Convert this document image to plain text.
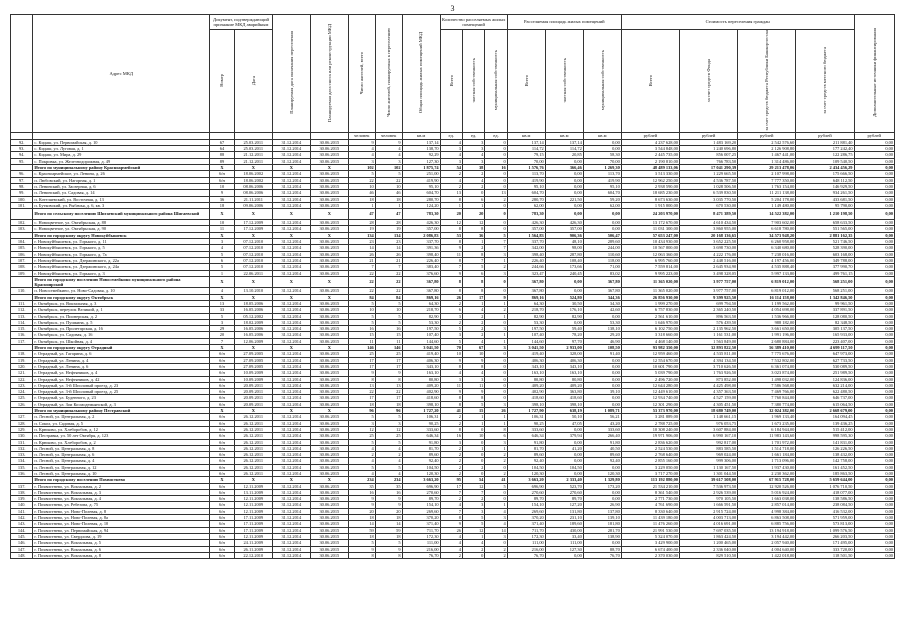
3
	Адрес МКД	Документ, подтверждающий признание МКД аварийным		Планируемая дата окончания переселения	Планируемая дата сноса или реконструкции МКД	Число жителей, всего	Число жителей, планируемых к переселению	Общая площадь жилых помещений МКД	Количество расселяемых жилых помещений			Расселяемая площадь жилых помещений			Стоимость переселения граждан				Дополнительные источники финансирования
		Номер	Дата						Всего	частная собственность	муниципальная собственность	Всего	частная собственность	муниципальная собственность	Всего	за счет средств Фонда	за счет средств бюджета Республики Башкортостан	за счет средств местного бюджета	
						человек	человек	кв.м	ед.	ед.	ед.	кв.м	кв.м	кв.м	рублей	рублей	рублей	рублей	рублей
92.	с. Кидаш, ул. Первомайская, д. 10	67	25.03.2011	31.12.2014	30.06.2015	9	9	137,14	4	3	0	137,14	137,14	0,00	4 237 628,00	1 483 169,20	2 542 576,60	211 881,40	0,00
93.	с. Кидаш, ул. Луговая, д. 1	64	25.03.2011	31.12.2014	30.06.2015	4	4	138,70	3	3	0	114,72	114,72	0,00	3 544 848,00	1 240 696,80	2 126 908,80	177 242,40	0,00
94.	с. Кидаш, ул. Мира, д. 29	88	21.12.2011	31.12.2014	30.06.2015	4	4	92,29	4	4	0	79,15	20,85	58,30	2 445 735,00	856 007,25	1 467 441,00	122 286,75	0,00
95.	с. Покровка, ул. Железнодорожная, д. 49	89	21.12.2011	31.12.2014	30.06.2015	3	3	127,30	3	3	0	70,00	0,00	70,00	2 190 810,00	766 783,50	1 314 486,00	109 540,50	0,00
	Итого по муниципальному району Красноармейский	X	X	X	X	102	102	1 875,74	54	38	16	1 576,76	366,46	1 269,30	48 489 133,06	17 041 290,39	29 213 478,06	2 434 456,29	0,00
96.	с. Красноармейское, ул. Ленина, д. 26	6/н	18.06.2002	31.12.2014	30.06.2015	5	5	251,00	2	2	0	113,70	0,00	113,70	3 513 330,00	1 229 665,50	2 107 998,00	175 666,50	0,00
97.	п. Любовский, ул. Нагорная, д. 1	6/н	18.06.2002	31.12.2014	30.06.2015	22	22	419,90	4	4	0	419,90	0,00	419,90	12 962 250,00	4 536 787,50	7 777 350,00	648 112,50	0,00
98.	п. Ленинский, ул. Заозерная, д. 6	10	08.06.2006	31.12.2014	30.06.2015	10	10	95,10	2	2	0	95,10	0,00	95,10	2 938 590,00	1 028 506,50	1 763 154,00	146 929,50	0,00
99.	п. Ленинский, ул. Садовая, д. 14	9	08.06.2006	31.12.2014	30.06.2015	46	46	604,70	13	0	13	604,70	0,00	604,70	18 685 230,00	6 539 830,50	11 211 138,00	934 261,50	0,00
100.	п. Котеляевский, ул. Восточная, д. 13	36	21.11.2011	31.12.2014	30.06.2015	18	18	280,70	8	6	2	280,70	221,50	59,20	8 673 630,00	3 035 770,50	5 204 178,00	433 681,50	0,00
101.	п. Бутковский, ул. Рыбачья, д. 6, кв. 3	18	09.06.2006	31.12.2014	30.06.2015	1	1	124,20	1	1	0	62,00	0,00	62,00	1 915 800,00	670 530,00	1 149 480,00	95 790,00	0,00
	Итого по сельскому поселению Шигаевский муниципального района Шигаевский	X	X	X	X	47	47	783,30	20	20	0	783,30	0,00	0,00	24 203 970,00	8 471 389,50	14 522 382,00	1 210 198,50	0,00
102.	с. Новоцветное, ул. Октябрьская, д. 88	10	17.12.2009	31.12.2014	30.06.2015	28	28	426,30	12	12	0	426,30	426,30	0,00	13 172 670,00	4 610 434,50	7 903 602,00	658 633,50	0,00
103.	с. Новоцветное, ул. Октябрьская, д. 90	11	17.12.2009	31.12.2014	30.06.2015	19	19	357,00	8	8	0	357,00	357,00	0,00	11 031 300,00	3 860 955,00	6 618 780,00	551 565,00	0,00
	Итого по городскому округу Новокуйбышевск	X	X	X	X	134	134	2 086,83	53	36	5	1 564,83	906,36	506,47	57 653 247,00	20 168 136,65	34 573 948,20	2 881 162,35	0,00
104.	г. Новокуйбышевск, ул. Горького, д. 11	3	07.12.2010	31.12.2014	30.06.2015	23	23	337,70	8	1	7	337,70	48,10	289,60	10 434 930,00	3 652 225,50	6 260 958,00	521 746,50	0,00
105.	г. Новокуйбышевск, ул. Горького, д. 5	4	07.12.2010	31.12.2014	30.06.2015	14	14	391,36	9	2	7	342,00	98,00	244,00	10 567 800,00	3 698 730,00	6 340 680,00	528 390,00	0,00
106.	г. Новокуйбышевск, ул. Горького, д. 7а	5	07.12.2010	31.12.2014	30.06.2015	26	26	398,40	11	8	3	398,40	287,80	110,60	12 063 360,00	4 222 176,00	7 238 016,00	603 168,00	0,00
107.	г. Новокуйбышевск, ул. Дзержинского, д. 22а	6	07.12.2010	31.12.2014	30.06.2015	21	21	226,40	8	7	1	226,40	108,40	118,00	6 995 760,00	2 448 516,00	4 197 456,00	349 788,00	0,00
108.	г. Новокуйбышевск, ул. Дзержинского, д. 24а	5	07.12.2010	31.12.2014	30.06.2015	7	7	383,40	7	5	2	244,66	173,66	71,00	7 559 814,00	2 645 934,90	4 535 888,40	377 990,70	0,00
109.	г. Новокуйбышевск, ул. Горького, д. 3	1	22.06.2011	31.12.2014	30.06.2015	22	22	376,60	9	6	3	323,47	240,45	83,02	9 995 223,00	3 498 328,05	5 997 133,80	499 761,15	0,00
	Итого по городскому поселению Новосемейкино муниципального района Красноярский	X	X	X	X	22	22	367,80	8	8	0	367,80	0,00	367,80	11 365 020,00	3 977 757,00	6 819 012,00	568 251,00	0,00
110.	п. Новосемейкино, ул. Ново-Садовая, д. 10	4	13.10.2010	31.12.2014	30.06.2015	22	22	367,80	8	8	0	367,80	0,00	367,80	11 365 020,00	3 977 757,00	6 819 012,00	568 251,00	0,00
	Итого по городскому округу Октябрьск	X	X	X	X	84	84	869,16	26	17	9	869,16	524,80	344,36	26 856 930,00	9 399 925,50	16 114 158,00	1 342 846,50	0,00
111.	г. Октябрьск, ул. Вокзальная, д. 3	13	18.05.2006	31.12.2014	30.06.2015	5	5	64,30	2	1	1	64,30	30,50	34,30	1 999 270,00	699 794,50	1 199 562,00	99 961,50	0,00
112.	г. Октябрьск, переулок Великий, д. 1	33	16.05.2006	31.12.2014	30.06.2015	10	10	218,70	6	4	2	218,70	176,10	42,60	6 757 830,00	2 365 240,50	4 054 698,00	337 891,50	0,00
113.	г. Октябрьск, ул. Пионерская, д. 2	5	05.12.2002	31.12.2014	30.06.2015	5	5	82,90	3	2	1	82,90	82,90	0,00	2 561 610,00	896 563,50	1 536 966,00	128 080,50	0,00
114.	г. Октябрьск, ул. Пушкина, д. 5	3	18.02.2009	31.12.2014	30.06.2015	5	5	53,30	2	2	0	53,30	0,00	53,30	1 646 970,00	576 439,50	988 182,00	82 348,50	0,00
115.	г. Октябрьск, ул. Пролетарская, д. 16	29	16.05.2006	31.12.2014	30.06.2015	16	16	197,50	5	2	3	197,50	59,40	138,10	6 102 750,00	2 135 962,50	3 661 650,00	305 137,50	0,00
116.	г. Октябрьск, ул. Садовая, д. 16	20	16.05.2006	31.12.2014	30.06.2015	15	15	107,40	3	2	1	107,40	78,20	29,20	3 318 660,00	1 161 531,00	1 991 196,00	165 933,00	0,00
117.	г. Октябрьск, ул. Шкойная, д. 4	7	12.06.2009	31.12.2014	30.06.2015	11	11	144,60	5	4	1	144,60	97,70	46,90	4 468 140,00	1 563 849,00	2 680 884,00	223 407,00	0,00
	Итого по городскому округу Отрадный	X	X	X	X	146	146	3 041,50	70	67	3	3 041,50	2 933,00	108,50	93 982 350,00	32 893 822,50	56 389 410,00	4 699 117,50	0,00
118.	г. Отрадный, ул. Гагарина, д. 6	б/н	27.09.2005	31.12.2014	30.06.2015	25	25	419,40	10	10	0	419,40	328,00	91,40	12 959 460,00	4 535 811,00	7 775 676,00	647 973,00	0,00
119.	г. Отрадный, ул. Ленина, д. 4	б/н	27.09.2005	31.12.2014	30.06.2015	17	17	406,30	9	9	0	406,30	406,30	0,00	12 554 670,00	4 394 134,50	7 532 802,00	627 733,50	0,00
120.	г. Отрадный, ул. Ленина, д. 6	б/н	27.09.2005	31.12.2014	30.06.2015	17	17	343,10	8	8	0	343,10	343,10	0,00	10 601 790,00	3 710 626,50	6 361 074,00	530 089,50	0,00
121.	г. Отрадный, ул. Нефтяников, д. 4	б/н	10.09.2009	31.12.2014	30.06.2015	9	9	163,10	4	4	0	163,10	163,10	0,00	5 039 790,00	1 763 926,50	3 023 874,00	251 989,50	0,00
122.	г. Отрадный, ул. Нефтяников, д. 42	б/н	10.09.2009	31.12.2014	30.06.2015	8	8	80,80	3	3	0	80,80	80,80	0,00	2 496 720,00	873 852,00	1 498 032,00	124 836,00	0,00
123.	г. Отрадный, ул. 3-й Шполовый проезд, д. 23	б/н	20.09.2011	31.12.2014	30.06.2015	13	13	409,20	11	11	0	409,20	409,20	0,00	12 644 280,00	4 425 498,00	7 586 568,00	632 214,00	0,00
124.	г. Отрадный, ул. 3-й Шполовый проезд, д. 25	б/н	20.09.2011	31.12.2014	30.06.2015	22	22	402,90	9	9	0	402,90	363,80	39,10	12 449 610,00	4 357 363,50	7 469 766,00	622 480,50	0,00
125.	г. Отрадный, ул. Буденного, д. 23	б/н	20.09.2011	31.12.2014	30.06.2015	17	17	418,60	8	8	0	418,60	418,60	0,00	12 934 740,00	4 527 159,00	7 760 844,00	646 737,00	0,00
126.	г. Отрадный, ул. Зои Космодемьянской, д. 3	б/н	20.09.2011	31.12.2014	30.06.2015	18	18	398,10	8	5	3	398,10	398,10	0,00	12 301 290,00	4 305 451,50	7 380 774,00	615 064,50	0,00
	Итого по муниципальному району Пестравский	X	X	X	X	96	96	1 727,20	41	15	26	1 727,90	638,19	1 089,71	53 373 970,00	18 680 749,00	32 024 382,00	2 668 679,00	0,00
127.	п. Лесной, ул. Центральная, д. 2	б/н	26.12.2011	31.12.2014	30.06.2015	5	5	106,31	2	1	1	106,31	50,10	56,21	3 281 889,00	1 148 661,15	1 969 133,40	164 094,45	0,00
128.	п. Сокол, ул. Садовая, д. 5	б/н	26.12.2011	31.12.2014	30.06.2015	3	3	90,25	2	1	1	90,25	47,05	43,20	2 788 725,00	976 053,75	1 673 235,00	139 436,25	0,00
129.	п. Крюково, ул. Хлеборобов, д. 12	б/н	26.12.2011	31.12.2014	30.06.2015	12	12	333,60	8	0	8	333,60	0,00	333,60	10 308 240,00	3 607 884,00	6 184 944,00	515 412,00	0,00
130.	п. Пестравка, ул. 50 лет Октября, д. 123	б/н	26.12.2011	31.12.2014	30.06.2015	25	25	646,34	16	10	6	646,34	379,94	266,40	19 971 906,00	6 990 167,10	11 983 143,60	998 595,30	0,00
131.	п. Крюково, ул. Хлеборобов, д. 2	б/н	26.12.2011	31.12.2014	30.06.2015	5	5	91,80	3	0	3	91,80	0,00	91,80	2 836 620,00	992 817,00	1 701 972,00	141 831,00	0,00
132.	п. Лесной, ул. Центральная, д. 8	б/н	26.12.2011	31.12.2014	30.06.2015	4	4	81,70	2	1	1	81,70	41,20	40,50	2 524 530,00	883 585,50	1 514 718,00	126 226,50	0,00
133.	п. Лесной, ул. Центральная, д. 6	б/н	26.12.2011	31.12.2014	30.06.2015	2	2	89,60	2	0	2	89,60	0,00	89,60	2 768 640,00	969 024,00	1 661 184,00	138 432,00	0,00
134.	п. Лесной, ул. Центральная, д. 4	б/н	26.12.2011	31.12.2014	30.06.2015	4	4	92,40	2	0	2	92,40	0,00	92,40	2 855 160,00	999 306,00	1 713 096,00	142 758,00	0,00
135.	п. Лесной, ул. Центральная, д. 12	б/н	26.12.2011	31.12.2014	30.06.2015	5	5	104,50	2	2	0	104,50	104,50	0,00	3 229 050,00	1 130 167,50	1 937 430,00	161 452,50	0,00
136.	п. Лесной, ул. Центральная, д. 10	б/н	26.12.2011	31.12.2014	30.06.2015	4	4	120,30	2	0	2	120,30	0,00	120,30	3 717 270,00	1 301 044,50	2 230 362,00	185 863,50	0,00
	Итого по городскому поселению Похвистнево	X	X	X	X	234	234	3 663,20	95	54	41	3 663,20	2 333,40	1 329,80	113 192 880,00	39 617 508,00	67 915 728,00	5 659 644,00	0,00
137.	г. Похвистнево, ул. Вокзальная, д. 2	6/н	12.11.2009	31.12.2014	30.06.2015	35	35	696,90	17	12	5	696,90	523,70	173,20	21 534 210,00	7 536 973,50	12 920 526,00	1 076 710,50	0,00
138.	г. Похвистнево, ул. Вокзальная, д. 3	6/н	13.11.2009	31.12.2014	30.06.2015	16	16	270,60	7	7	0	270,60	270,60	0,00	8 361 540,00	2 926 539,00	5 016 924,00	418 077,00	0,00
139.	г. Похвистнево, ул. Вокзальная, д. 4	6/н	12.11.2009	31.12.2014	30.06.2015	9	9	89,70	2	2	0	89,70	89,70	0,00	2 771 730,00	970 105,50	1 663 038,00	138 586,50	0,00
140.	г. Похвистнево, ул. Ребезова, д. 75	6/н	12.11.2009	31.12.2014	30.06.2015	9	9	154,10	4	3	1	154,10	127,20	26,90	4 761 690,00	1 666 591,50	2 857 014,00	238 084,50	0,00
141.	г. Похвистнево, ул. Ново-Полевая, д. 8	6/н	12.11.2009	31.12.2014	30.06.2015	20	20	269,60	7	3	4	269,60	131,80	137,80	8 330 640,00	2 915 724,00	4 998 384,00	416 532,00	0,00
142.	г. Похвистнево, ул. Ново-Полевая, д. 8а	6/н	17.11.2009	31.12.2014	30.06.2015	18	18	370,20	8	5	3	370,20	231,10	139,10	11 439 180,00	4 003 713,00	6 863 508,00	571 959,00	0,00
143.	г. Похвистнево, ул. Ново-Полевая, д. 10	6/н	17.11.2009	31.12.2014	30.06.2015	14	14	371,40	9	5	4	371,40	189,60	181,80	11 476 260,00	4 016 691,00	6 885 756,00	573 813,00	0,00
144.	г. Похвистнево, ул. Первомайская, д. 94	6/н	17.11.2009	31.12.2014	30.06.2015	59	59	711,70	26	12	14	711,70	430,00	281,70	21 991 530,00	7 697 035,50	13 194 918,00	1 099 576,50	0,00
145.	г. Похвистнево, ул. Свердлова, д. 19	6/н	12.11.2009	31.12.2014	30.06.2015	18	18	172,30	4	1	3	172,30	33,40	138,90	5 324 070,00	1 863 424,50	3 194 442,00	266 203,50	0,00
146.	г. Похвистнево, ул. Вокзальная, д. 5	6/н	24.11.2009	31.12.2014	30.06.2015	5	5	111,00	4	4	0	111,00	111,00	0,00	3 429 900,00	1 200 465,00	2 057 940,00	171 495,00	0,00
147.	г. Похвистнево, ул. Вокзальная, д. 6	6/н	26.11.2009	31.12.2014	30.06.2015	9	9	216,00	4	2	2	216,00	127,30	88,70	6 674 400,00	2 336 040,00	4 004 640,00	333 720,00	0,00
148.	г. Похвистнево, ул. Вокзальная, д. 8	6/н	22.12.2010	31.12.2014	30.06.2015	8	8	76,70	2	0	2	76,70	0,00	76,70	2 370 030,00	829 510,50	1 422 018,00	118 501,50	0,00
